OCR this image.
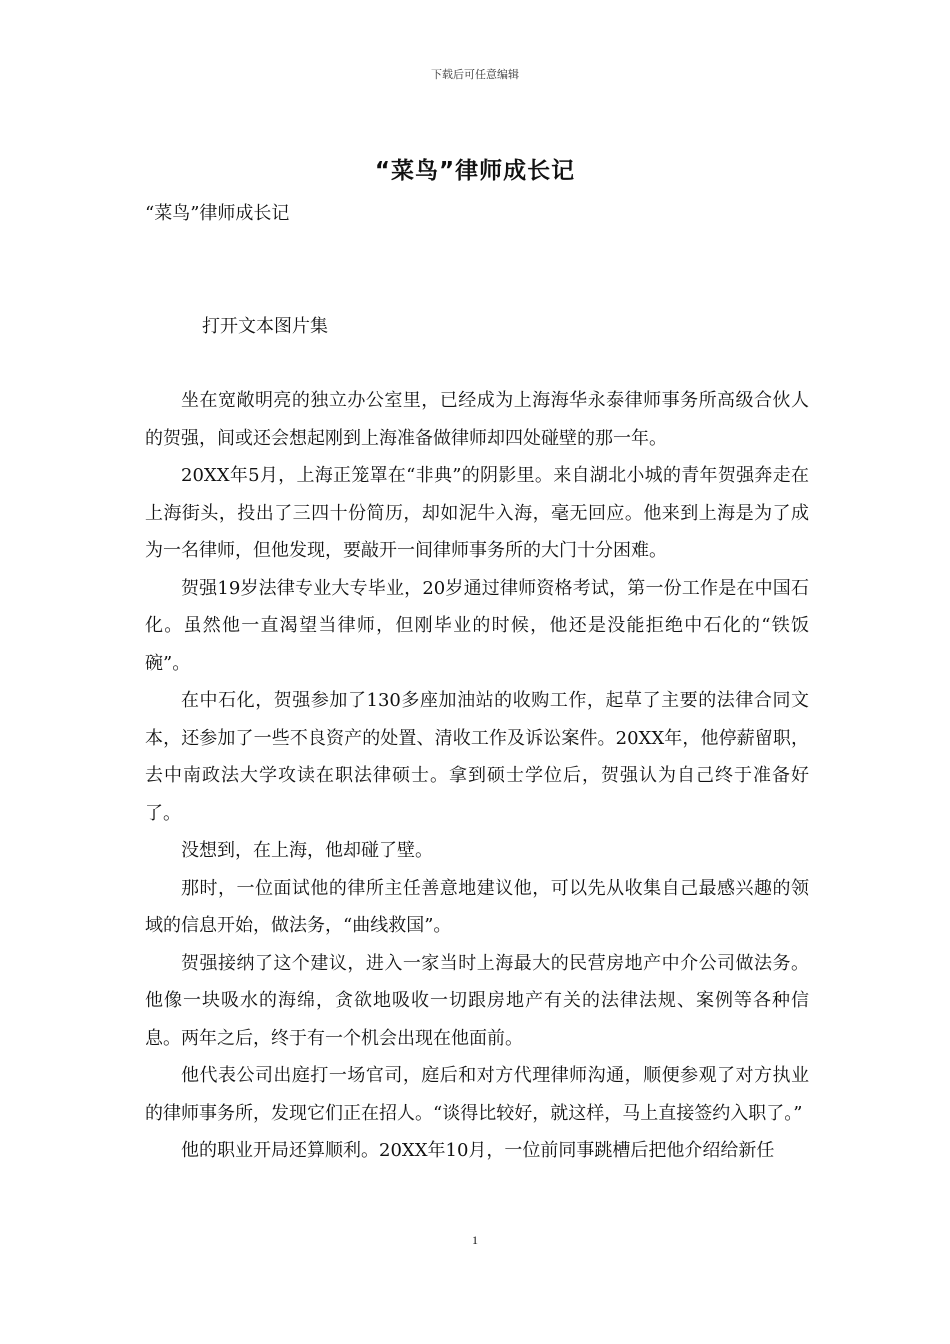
下载后可任意编辑
“菜鸟”律师成长记
“菜鸟”律师成长记
打开文本图片集

坐在宽敞明亮的独立办公室里，已经成为上海海华永泰律师事务所高级合伙人的贺强，间或还会想起刚到上海准备做律师却四处碰壁的那一年。

20XX年5月，上海正笼罩在“非典”的阴影里。来自湖北小城的青年贺强奔走在上海街头，投出了三四十份简历，却如泥牛入海，毫无回应。他来到上海是为了成为一名律师，但他发现，要敲开一间律师事务所的大门十分困难。

贺强19岁法律专业大专毕业，20岁通过律师资格考试，第一份工作是在中国石化。虽然他一直渴望当律师，但刚毕业的时候，他还是没能拒绝中石化的“铁饭碗”。

在中石化，贺强参加了130多座加油站的收购工作，起草了主要的法律合同文本，还参加了一些不良资产的处置、清收工作及诉讼案件。20XX年，他停薪留职，去中南政法大学攻读在职法律硕士。拿到硕士学位后，贺强认为自己终于准备好了。

没想到，在上海，他却碰了壁。

那时，一位面试他的律所主任善意地建议他，可以先从收集自己最感兴趣的领域的信息开始，做法务，“曲线救国”。

贺强接纳了这个建议，进入一家当时上海最大的民营房地产中介公司做法务。他像一块吸水的海绵，贪欲地吸收一切跟房地产有关的法律法规、案例等各种信息。两年之后，终于有一个机会出现在他面前。

他代表公司出庭打一场官司，庭后和对方代理律师沟通，顺便参观了对方执业的律师事务所，发现它们正在招人。“谈得比较好，就这样，马上直接签约入职了。”

他的职业开局还算顺利。20XX年10月，一位前同事跳槽后把他介绍给新任

1
